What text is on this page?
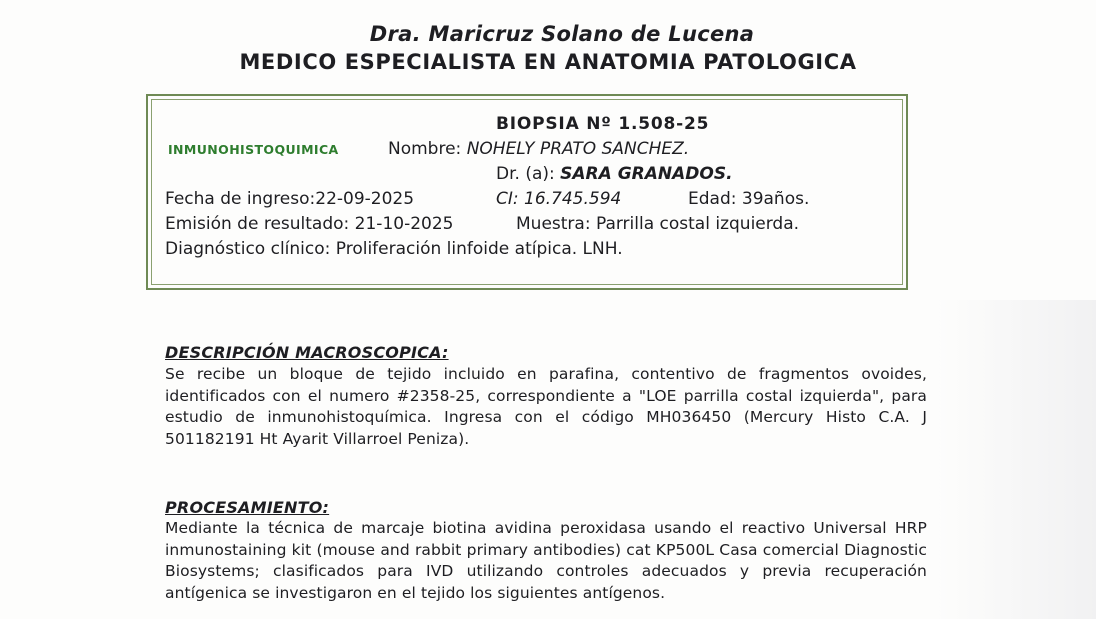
Dra. Maricruz Solano de Lucena
MEDICO ESPECIALISTA EN ANATOMIA PATOLOGICA
BIOPSIA Nº 1.508-25
INMUNOHISTOQUIMICA	Nombre: NOHELY PRATO SANCHEZ.
Dr. (a): SARA GRANADOS.
Fecha de ingreso:22-09-2025	CI: 16.745.594	Edad: 39años.
Emisión de resultado: 21-10-2025	Muestra: Parrilla costal izquierda.
Diagnóstico clínico: Proliferación linfoide atípica. LNH.
DESCRIPCIÓN MACROSCOPICA:
Se recibe un bloque de tejido incluido en parafina, contentivo de fragmentos ovoides, identificados con el numero #2358-25, correspondiente a "LOE parrilla costal izquierda", para estudio de inmunohistoquímica. Ingresa con el código MH036450 (Mercury Histo C.A. J 501182191 Ht Ayarit Villarroel Peniza).
PROCESAMIENTO:
Mediante la técnica de marcaje biotina avidina peroxidasa usando el reactivo Universal HRP inmunostaining kit (mouse and rabbit primary antibodies) cat KP500L Casa comercial Diagnostic Biosystems; clasificados para IVD utilizando controles adecuados y previa recuperación antígenica se investigaron en el tejido los siguientes antígenos.
